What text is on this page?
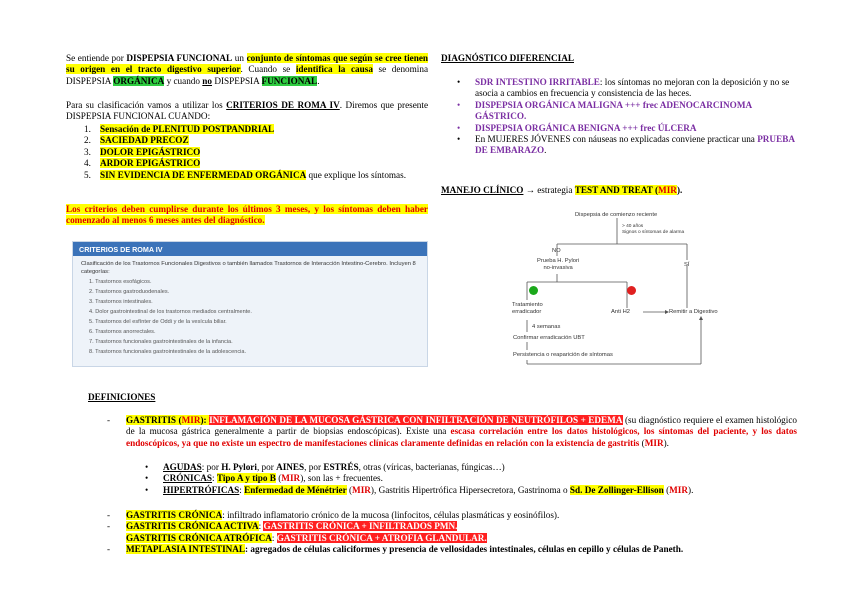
Se entiende por DISPEPSIA FUNCIONAL un conjunto de síntomas que según se cree tienen su origen en el tracto digestivo superior. Cuando se identifica la causa se denomina DISPEPSIA ORGÁNICA y cuando no DISPEPSIA FUNCIONAL.
Para su clasificación vamos a utilizar los CRITERIOS DE ROMA IV. Diremos que presente DISPEPSIA FUNCIONAL CUANDO:
1. Sensación de PLENITUD POSTPANDRIAL
2. SACIEDAD PRECOZ
3. DOLOR EPIGÁSTRICO
4. ARDOR EPIGÁSTRICO
5. SIN EVIDENCIA DE ENFERMEDAD ORGÁNICA que explique los síntomas.
Los criterios deben cumplirse durante los últimos 3 meses, y los síntomas deben haber comenzado al menos 6 meses antes del diagnóstico.
CRITERIOS DE ROMA IV
Clasificación de los Trastornos Funcionales Digestivos o también llamados Trastornos de Interacción Intestino-Cerebro. Incluyen 8 categorías:
1. Trastornos esofágicos.
2. Trastornos gastroduodenales.
3. Trastornos intestinales.
4. Dolor gastrointestinal de los trastornos mediados centralmente.
5. Trastornos del esfínter de Oddi y de la vesícula biliar.
6. Trastornos anorrectales.
7. Trastornos funcionales gastrointestinales de la infancia.
8. Trastornos funcionales gastrointestinales de la adolescencia.
DIAGNÓSTICO DIFERENCIAL
•	SDR INTESTINO IRRITABLE: los síntomas no mejoran con la deposición y no se asocia a cambios en frecuencia y consistencia de las heces.
•	DISPEPSIA ORGÁNICA MALIGNA +++ frec ADENOCARCINOMA GÁSTRICO.
•	DISPEPSIA ORGÁNICA BENIGNA +++ frec ÚLCERA
•	En MUJERES JÓVENES con náuseas no explicadas conviene practicar una PRUEBA DE EMBARAZO.
MANEJO CLÍNICO → estrategia TEST AND TREAT (MIR).
Dispepsia de comienzo reciente
> 40 años
Signos o síntomas de alarma
NO
SÍ
Prueba H. Pylori
no-invasiva
Tratamiento
erradicador	Anti H2	Remitir a Digestivo
4 semanas
Confirmar erradicación UBT
Persistencia o reaparición de síntomas
DEFINICIONES
-	GASTRITIS (MIR): INFLAMACIÓN DE LA MUCOSA GÁSTRICA CON INFILTRACIÓN DE NEUTRÓFILOS + EDEMA (su diagnóstico requiere el examen histológico de la mucosa gástrica generalmente a partir de biopsias endoscópicas). Existe una escasa correlación entre los datos histológicos, los síntomas del paciente, y los datos endoscópicos, ya que no existe un espectro de manifestaciones clínicas claramente definidas en relación con la existencia de gastritis (MIR).
• AGUDAS: por H. Pylori, por AINES, por ESTRÉS, otras (víricas, bacterianas, fúngicas…)
• CRÓNICAS: Tipo A y tipo B (MIR), son las + frecuentes.
• HIPERTRÓFICAS: Enfermedad de Ménétrier (MIR), Gastritis Hipertrófica Hipersecretora, Gastrinoma o Sd. De Zollinger-Ellison (MIR).
- GASTRITIS CRÓNICA: infiltrado inflamatorio crónico de la mucosa (linfocitos, células plasmáticas y eosinófilos).
- GASTRITIS CRÓNICA ACTIVA: GASTRITIS CRÓNICA + INFILTRADOS PMN.
GASTRITIS CRÓNICA ATRÓFICA: GASTRITIS CRÓNICA + ATROFIA GLANDULAR.
- METAPLASIA INTESTINAL: agregados de células caliciformes y presencia de vellosidades intestinales, células en cepillo y células de Paneth.
